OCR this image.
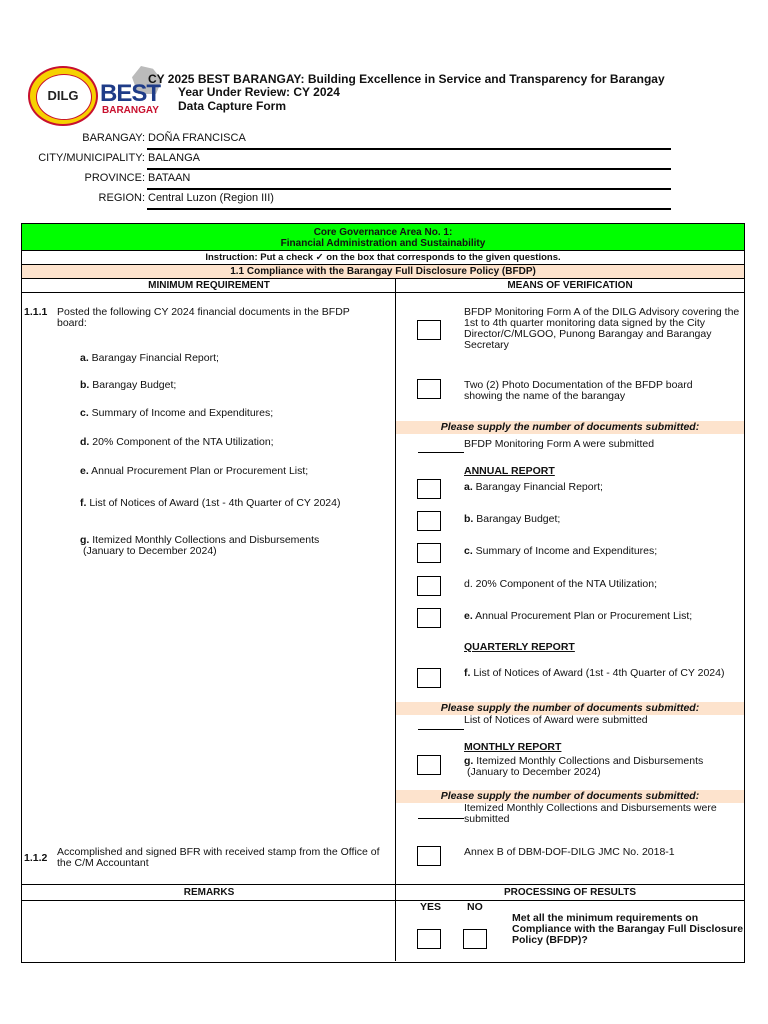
DILG BEST
BARANGAY
CY 2025 BEST BARANGAY: Building Excellence in Service and Transparency for Barangay
Year Under Review: CY 2024
Data Capture Form
BARANGAY: DOÑA FRANCISCA
CITY/MUNICIPALITY: BALANGA
PROVINCE: BATAAN
REGION: Central Luzon (Region III)
Core Governance Area No. 1:
Financial Administration and Sustainability
Instruction: Put a check ✓ on the box that corresponds to the given questions.
1.1 Compliance with the Barangay Full Disclosure Policy (BFDP)
MINIMUM REQUIREMENT	MEANS OF VERIFICATION
1.1.1 Posted the following CY 2024 financial documents in the BFDP board:
a. Barangay Financial Report;
b. Barangay Budget;
c. Summary of Income and Expenditures;
d. 20% Component of the NTA Utilization;
e. Annual Procurement Plan or Procurement List;
f. List of Notices of Award (1st - 4th Quarter of CY 2024)
g. Itemized Monthly Collections and Disbursements
(January to December 2024)
1.1.2 Accomplished and signed BFR with received stamp from the Office of the C/M Accountant
BFDP Monitoring Form A of the DILG Advisory covering the 1st to 4th quarter monitoring data signed by the City Director/C/MLGOO, Punong Barangay and Barangay Secretary
Two (2) Photo Documentation of the BFDP board showing the name of the barangay
Please supply the number of documents submitted:
BFDP Monitoring Form A were submitted
ANNUAL REPORT
a. Barangay Financial Report;
b. Barangay Budget;
c. Summary of Income and Expenditures;
d. 20% Component of the NTA Utilization;
e. Annual Procurement Plan or Procurement List;
QUARTERLY REPORT
f. List of Notices of Award (1st - 4th Quarter of CY 2024)
Please supply the number of documents submitted:
List of Notices of Award were submitted
MONTHLY REPORT
g. Itemized Monthly Collections and Disbursements
(January to December 2024)
Please supply the number of documents submitted:
Itemized Monthly Collections and Disbursements were submitted
Annex B of DBM-DOF-DILG JMC No. 2018-1
REMARKS	PROCESSING OF RESULTS
YES NO
Met all the minimum requirements on Compliance with the Barangay Full Disclosure Policy (BFDP)?
